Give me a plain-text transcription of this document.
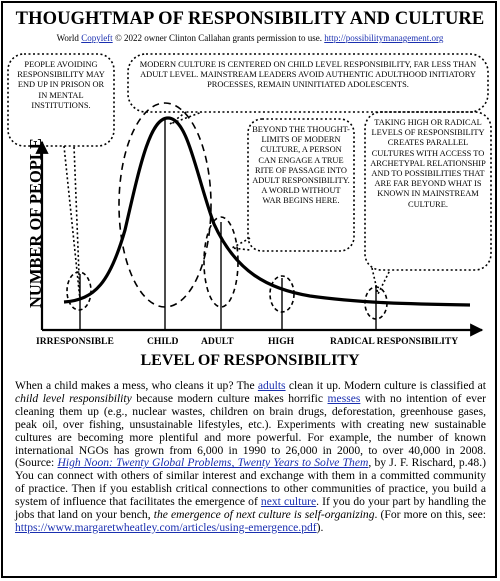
THOUGHTMAP OF RESPONSIBILITY AND CULTURE
World Copyleft © 2022 owner Clinton Callahan grants permission to use. http://possibilitymanagement.org
PEOPLE AVOIDING RESPONSIBILITY MAY END UP IN PRISON OR IN MENTAL INSTITUTIONS.
MODERN CULTURE IS CENTERED ON CHILD LEVEL RESPONSIBILITY, FAR LESS THAN ADULT LEVEL. MAINSTREAM LEADERS AVOID AUTHENTIC ADULTHOOD INITIATORY PROCESSES, REMAIN UNINITIATED ADOLESCENTS.
BEYOND THE THOUGHT-LIMITS OF MODERN CULTURE, A PERSON CAN ENGAGE A TRUE RITE OF PASSAGE INTO ADULT RESPONSIBILITY. A WORLD WITHOUT WAR BEGINS HERE.
TAKING HIGH OR RADICAL LEVELS OF RESPONSIBILITY CREATES PARALLEL CULTURES WITH ACCESS TO ARCHETYPAL RELATIONSHIP AND TO POSSIBILITIES THAT ARE FAR BEYOND WHAT IS KNOWN IN MAINSTREAM CULTURE.
NUMBER OF PEOPLE
IRRESPONSIBLE	CHILD ADULT	HIGH	RADICAL RESPONSIBILITY
LEVEL OF RESPONSIBILITY
When a child makes a mess, who cleans it up? The adults clean it up. Modern culture is classified at child level responsibility because modern culture makes horrific messes with no intention of ever cleaning them up (e.g., nuclear wastes, children on brain drugs, deforestation, greenhouse gases, peak oil, over fishing, unsustainable lifestyles, etc.). Experiments with creating new sustainable cultures are becoming more plentiful and more powerful. For example, the number of known international NGOs has grown from 6,000 in 1990 to 26,000 in 2000, to over 40,000 in 2008. (Source: High Noon: Twenty Global Problems, Twenty Years to Solve Them, by J. F. Rischard, p.48.) You can connect with others of similar interest and exchange with them in a committed community of practice. Then if you establish critical connections to other communities of practice, you build a system of influence that facilitates the emergence of next culture. If you do your part by handling the jobs that land on your bench, the emergence of next culture is self-organizing. (For more on this, see: https://www.margaretwheatley.com/articles/using-emergence.pdf).
